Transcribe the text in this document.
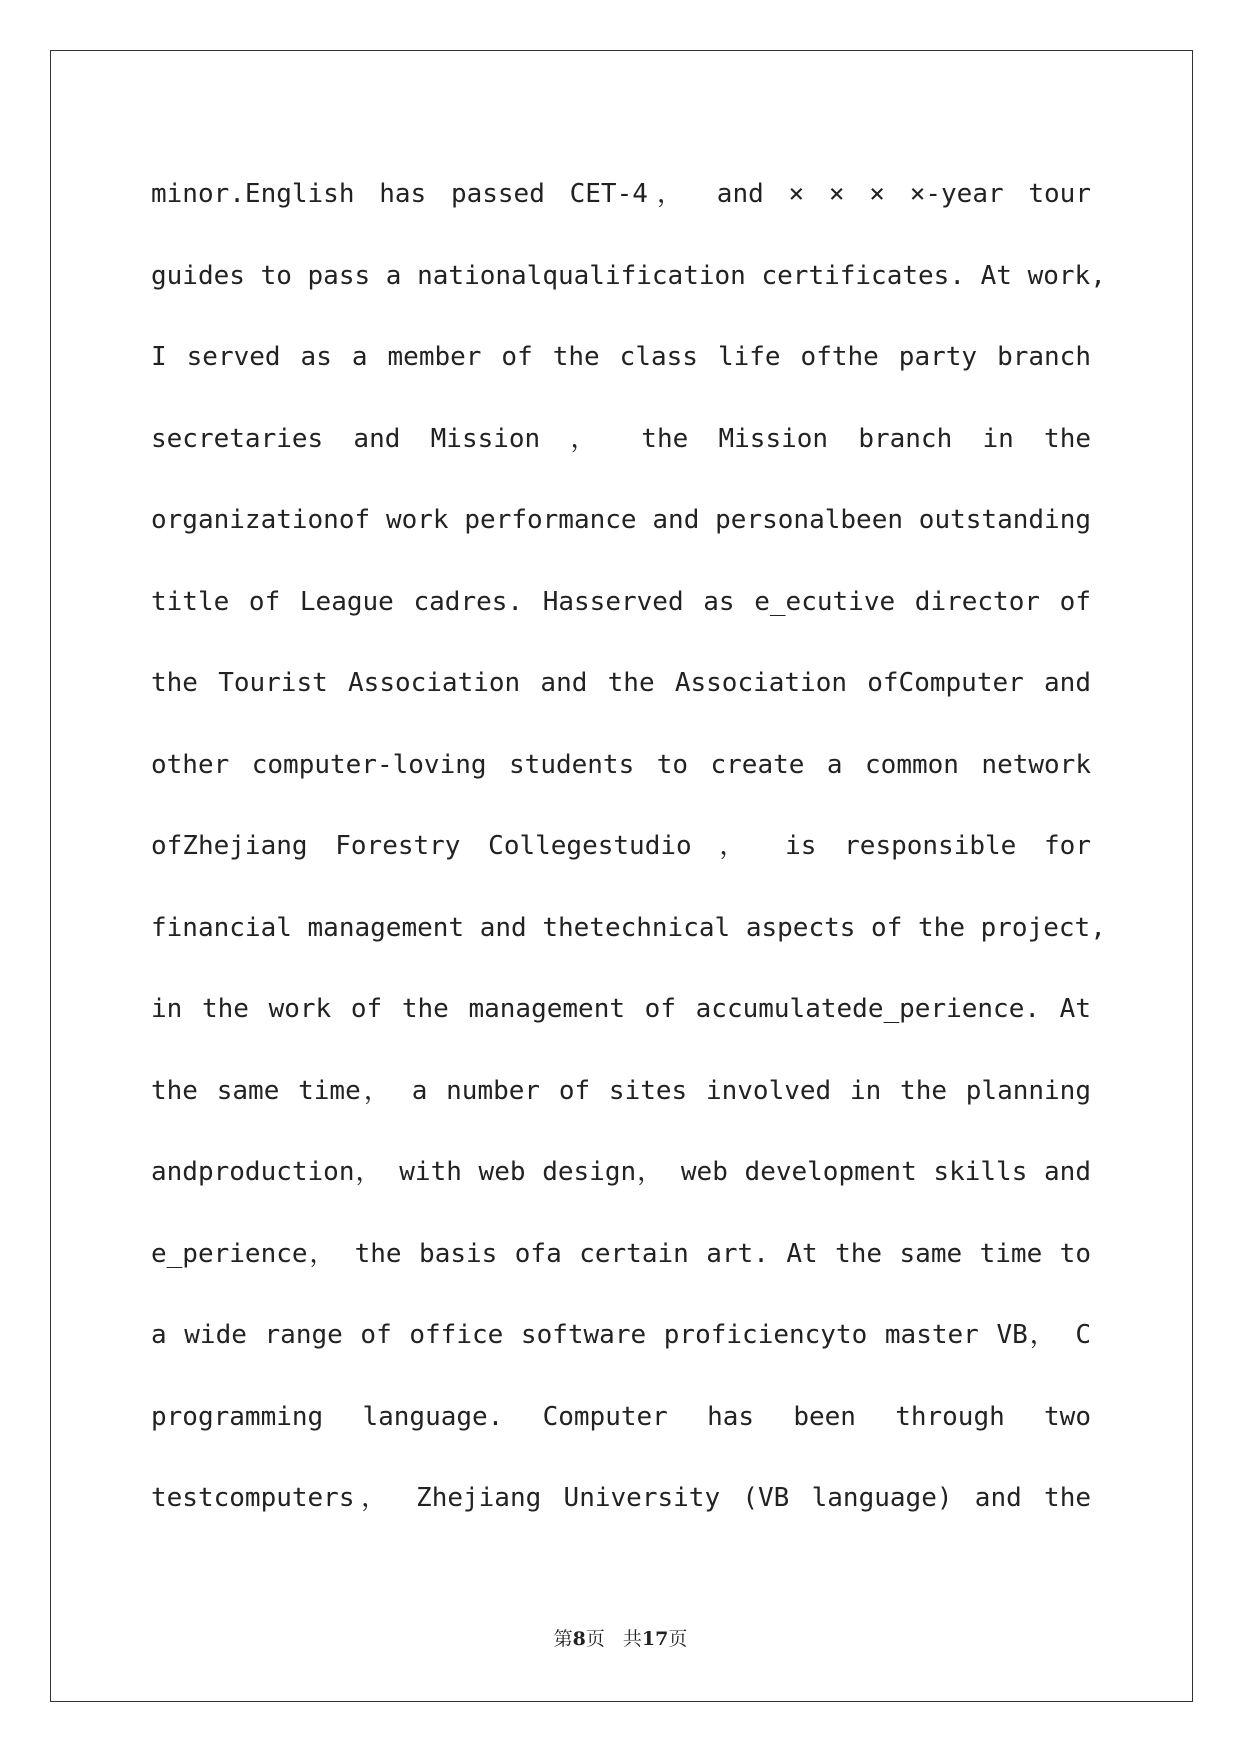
minor.English has passed CET-4， and × × × ×-year tour
guides to pass a nationalqualification certificates. At work,
I served as a member of the class life ofthe party branch
secretaries and Mission ， the Mission branch in the
organizationof work performance and personalbeen outstanding
title of League cadres. Hasserved as e_ecutive director of
the Tourist Association and the Association ofComputer and
other computer-loving students to create a common network
ofZhejiang Forestry Collegestudio ， is responsible for
financial management and thetechnical aspects of the project,
in the work of the management of accumulatede_perience. At
the same time， a number of sites involved in the planning
andproduction， with web design， web development skills and
e_perience， the basis ofa certain art. At the same time to
a wide range of office software proficiencyto master VB， C
programming language. Computer has been through two
testcomputers， Zhejiang University (VB language) and the
第8页 共17页
